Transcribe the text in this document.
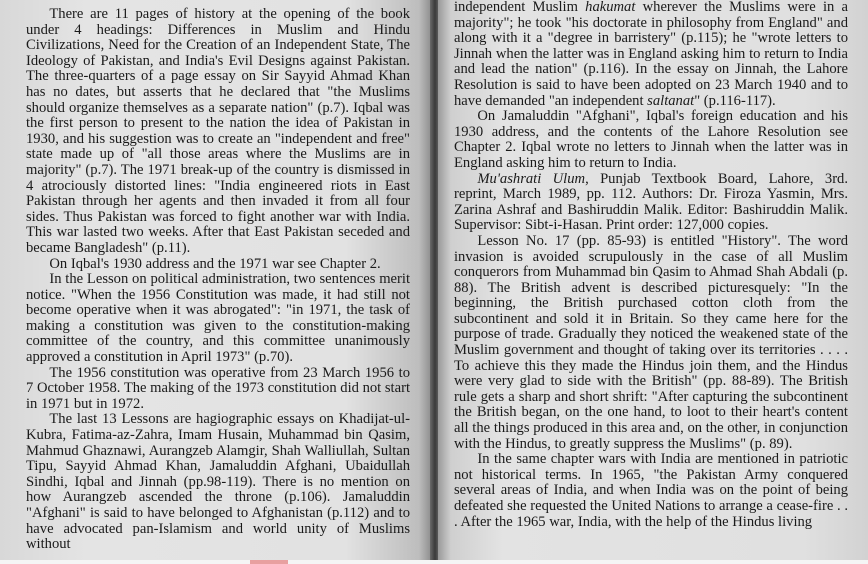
There are 11 pages of history at the opening of the book under 4 headings: Differences in Muslim and Hindu Civilizations, Need for the Creation of an Independent State, The Ideology of Pakistan, and India's Evil Designs against Pakistan. The three-quarters of a page essay on Sir Sayyid Ahmad Khan has no dates, but asserts that he declared that "the Muslims should organize themselves as a separate nation" (p.7). Iqbal was the first person to present to the nation the idea of Pakistan in 1930, and his suggestion was to create an "independent and free" state made up of "all those areas where the Muslims are in majority" (p.7). The 1971 break-up of the country is dismissed in 4 atrociously distorted lines: "India engineered riots in East Pakistan through her agents and then invaded it from all four sides. Thus Pakistan was forced to fight another war with India. This war lasted two weeks. After that East Pakistan seceded and became Bangladesh" (p.11).

On Iqbal's 1930 address and the 1971 war see Chapter 2.

In the Lesson on political administration, two sentences merit notice. "When the 1956 Constitution was made, it had still not become operative when it was abrogated": "in 1971, the task of making a constitution was given to the constitution-making committee of the country, and this committee unanimously approved a constitution in April 1973" (p.70).

The 1956 constitution was operative from 23 March 1956 to 7 October 1958. The making of the 1973 constitution did not start in 1971 but in 1972.

The last 13 Lessons are hagiographic essays on Khadijat-ul-Kubra, Fatima-az-Zahra, Imam Husain, Muhammad bin Qasim, Mahmud Ghaznawi, Aurangzeb Alamgir, Shah Walliullah, Sultan Tipu, Sayyid Ahmad Khan, Jamaluddin Afghani, Ubaidullah Sindhi, Iqbal and Jinnah (pp.98-119). There is no mention on how Aurangzeb ascended the throne (p.106). Jamaluddin "Afghani" is said to have belonged to Afghanistan (p.112) and to have advocated pan-Islamism and world unity of Muslims without

independent Muslim hakumat wherever the Muslims were in a majority"; he took "his doctorate in philosophy from England" and along with it a "degree in barristery" (p.115); he "wrote letters to Jinnah when the latter was in England asking him to return to India and lead the nation" (p.116). In the essay on Jinnah, the Lahore Resolution is said to have been adopted on 23 March 1940 and to have demanded "an independent saltanat" (p.116-117).

On Jamaluddin "Afghani", Iqbal's foreign education and his 1930 address, and the contents of the Lahore Resolution see Chapter 2. Iqbal wrote no letters to Jinnah when the latter was in England asking him to return to India.

Mu'ashrati Ulum, Punjab Textbook Board, Lahore, 3rd. reprint, March 1989, pp. 112. Authors: Dr. Firoza Yasmin, Mrs. Zarina Ashraf and Bashiruddin Malik. Editor: Bashiruddin Malik. Supervisor: Sibt-i-Hasan. Print order: 127,000 copies.

Lesson No. 17 (pp. 85-93) is entitled "History". The word invasion is avoided scrupulously in the case of all Muslim conquerors from Muhammad bin Qasim to Ahmad Shah Abdali (p. 88). The British advent is described picturesquely: "In the beginning, the British purchased cotton cloth from the subcontinent and sold it in Britain. So they came here for the purpose of trade. Gradually they noticed the weakened state of the Muslim government and thought of taking over its territories . . . . To achieve this they made the Hindus join them, and the Hindus were very glad to side with the British" (pp. 88-89). The British rule gets a sharp and short shrift: "After capturing the subcontinent the British began, on the one hand, to loot to their heart's content all the things produced in this area and, on the other, in conjunction with the Hindus, to greatly suppress the Muslims" (p. 89).

In the same chapter wars with India are mentioned in patriotic not historical terms. In 1965, "the Pakistan Army conquered several areas of India, and when India was on the point of being defeated she requested the United Nations to arrange a cease-fire . . . After the 1965 war, India, with the help of the Hindus living
